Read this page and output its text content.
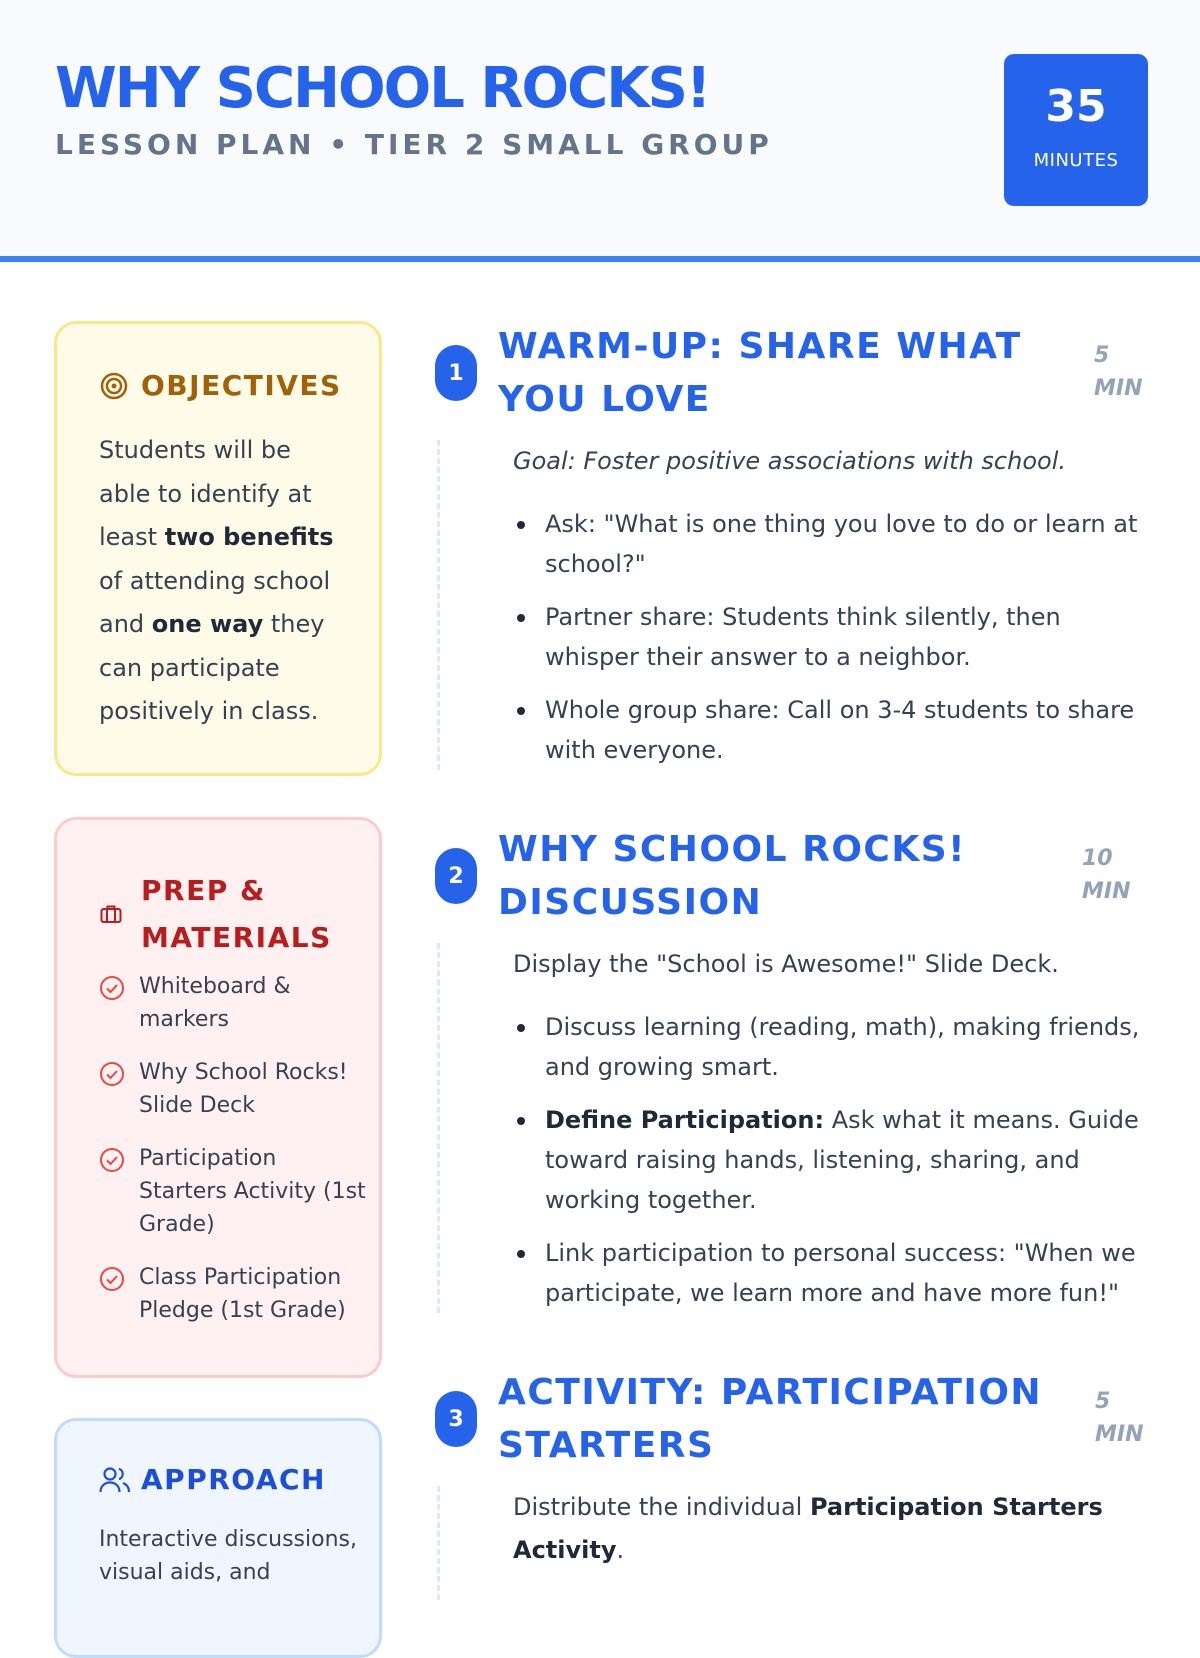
WHY SCHOOL ROCKS!
LESSON PLAN • TIER 2 SMALL GROUP
35
MINUTES
OBJECTIVES

Students will be able to identify at least two benefits of attending school and one way they can participate positively in class.

PREP &
MATERIALS
Whiteboard & markers
Why School Rocks! Slide Deck
Participation Starters Activity (1st Grade)
Class Participation Pledge (1st Grade)
APPROACH

Interactive discussions, visual aids, and

1
WARM-UP: SHARE WHAT
YOU LOVE
5
MIN

Goal: Foster positive associations with school.

Ask: "What is one thing you love to do or learn at school?"
Partner share: Students think silently, then whisper their answer to a neighbor.
Whole group share: Call on 3-4 students to share with everyone.
2
WHY SCHOOL ROCKS!
DISCUSSION
10
MIN

Display the "School is Awesome!" Slide Deck.

Discuss learning (reading, math), making friends, and growing smart.
Define Participation: Ask what it means. Guide toward raising hands, listening, sharing, and working together.
Link participation to personal success: "When we participate, we learn more and have more fun!"
3
ACTIVITY: PARTICIPATION
STARTERS
5
MIN

Distribute the individual Participation Starters Activity.
